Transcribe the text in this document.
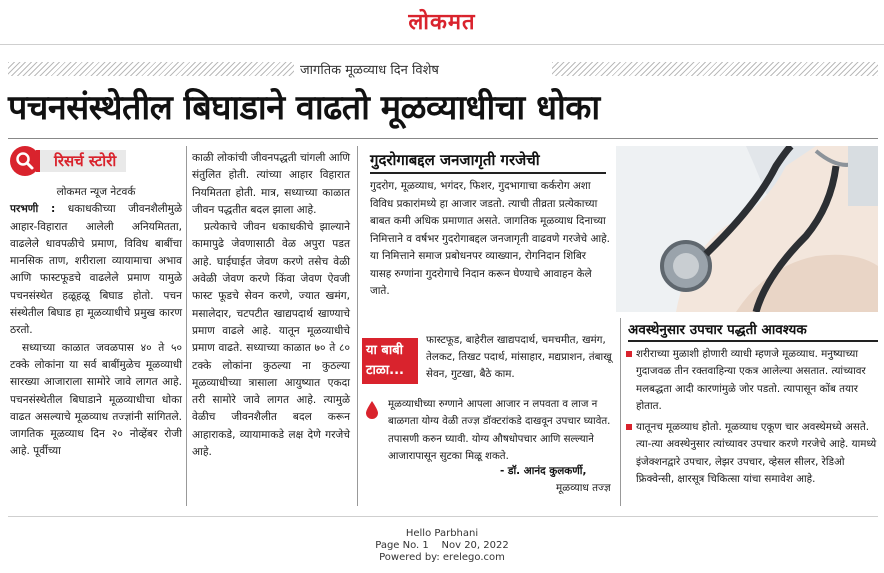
लोकमत
जागतिक मूळव्याध दिन विशेष
पचनसंस्थेतील बिघाडाने वाढतो मूळव्याधीचा धोका
रिसर्च स्टोरी

लोकमत न्यूज नेटवर्क

परभणी : धकाधकीच्या जीवनशैलीमुळे आहार-विहारात आलेली अनियमितता, वाढलेले धावपळीचे प्रमाण, विविध बाबींचा मानसिक ताण, शरीराला व्यायामाचा अभाव आणि फास्टफूडचे वाढलेले प्रमाण यामुळे पचनसंस्थेत हळूहळू बिघाड होतो. पचन संस्थेतील बिघाड हा मूळव्याधीचे प्रमुख कारण ठरतो.

सध्याच्या काळात जवळपास ४० ते ५० टक्के लोकांना या सर्व बाबींमुळेच मूळव्याधी सारख्या आजाराला सामोरे जावे लागत आहे. पचनसंस्थेतील बिघाडाने मूळव्याधीचा धोका वाढत असल्याचे मूळव्याध तज्ज्ञांनी सांगितले. जागतिक मूळव्याध दिन २० नोव्हेंबर रोजी आहे. पूर्वीच्या

काळी लोकांची जीवनपद्धती चांगली आणि संतुलित होती. त्यांच्या आहार विहारात नियमितता होती. मात्र, सध्याच्या काळात जीवन पद्धतीत बदल झाला आहे.

प्रत्येकाचे जीवन धकाधकीचे झाल्याने कामापुढे जेवणासाठी वेळ अपुरा पडत आहे. घाईघाईत जेवण करणे तसेच वेळी अवेळी जेवण करणे किंवा जेवण ऐवजी फास्ट फूडचे सेवन करणे, ज्यात खमंग, मसालेदार, चटपटीत खाद्यपदार्थ खाण्याचे प्रमाण वाढले आहे. यातून मूळव्याधीचे प्रमाण वाढते. सध्याच्या काळात ७० ते ८० टक्के लोकांना कुठल्या ना कुठल्या मूळव्याधीच्या त्रासाला आयुष्यात एकदा तरी सामोरे जावे लागत आहे. त्यामुळे वेळीच जीवनशैलीत बदल करून आहाराकडे, व्यायामाकडे लक्ष देणे गरजेचे आहे.

गुदरोगाबद्दल जनजागृती गरजेची
गुदरोग, मूळव्याध, भगंदर, फिशर, गुदभागाचा कर्करोग अशा विविध प्रकारांमध्ये हा आजार जडतो. त्याची तीव्रता प्रत्येकाच्या बाबत कमी अधिक प्रमाणात असते. जागतिक मूळव्याध दिनाच्या निमित्ताने व वर्षभर गुदरोगाबद्दल जनजागृती वाढवणे गरजेचे आहे. या निमित्ताने समाज प्रबोधनपर व्याख्यान, रोगनिदान शिबिर यासह रुग्णांना गुदरोगाचे निदान करून घेण्याचे आवाहन केले जाते.
या बाबी
टाळा...
फास्टफूड, बाहेरील खाद्यपदार्थ, चमचमीत, खमंग, तेलकट, तिखट पदार्थ, मांसाहार, मद्यप्राशन, तंबाखू सेवन, गुटखा, बैठे काम.
मूळव्याधीच्या रुग्णाने आपला आजार न लपवता व लाज न बाळगता योग्य वेळी तज्ज्ञ डॉक्टरांकडे दाखवून उपचार घ्यावेत. तपासणी करुन घ्यावी. योग्य औषधोपचार आणि सल्ल्याने आजारापासून सुटका मिळू शकते.
- डॉ. आनंद कुलकर्णी,
मूळव्याध तज्ज्ञ
अवस्थेनुसार उपचार पद्धती आवश्यक
शरीराच्या मुळाशी होणारी व्याधी म्हणजे मूळव्याध. मनुष्याच्या गुदाजवळ तीन रक्तवाहिन्या एकत्र आलेल्या असतात. त्यांच्यावर मलबद्धता आदी कारणांमुळे जोर पडतो. त्यापासून कोंब तयार होतात.
यातूनच मूळव्याध होतो. मूळव्याध एकूण चार अवस्थेमध्ये असते. त्या-त्या अवस्थेनुसार त्यांच्यावर उपचार करणे गरजेचे आहे. यामध्ये इंजेक्शनद्वारे उपचार, लेझर उपचार, व्हेसल सीलर, रेडिओ फ्रिक्वेन्सी, क्षारसूत्र चिकित्सा यांचा समावेश आहे.
Hello Parbhani
Page No. 1    Nov 20, 2022
Powered by: erelego.com
